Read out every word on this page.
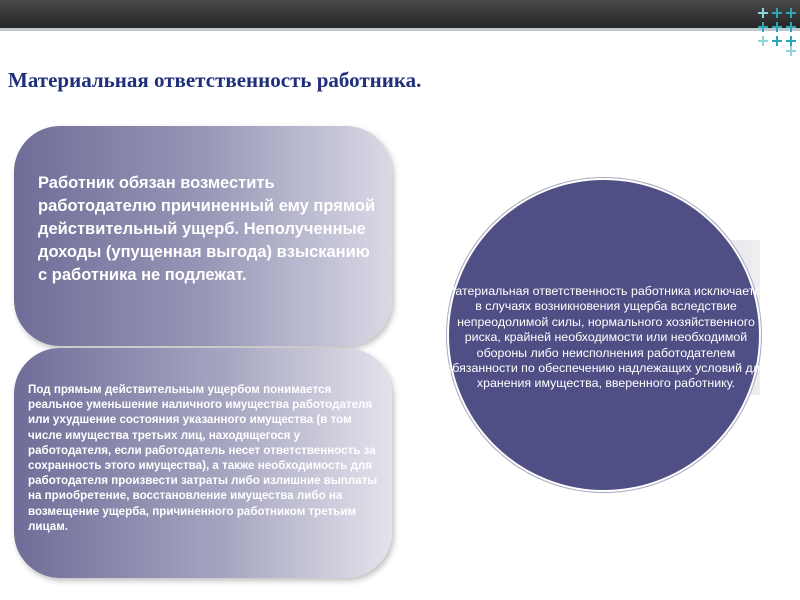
Материальная ответственность работника.

Работник обязан возместить работодателю причиненный ему прямой действительный ущерб. Неполученные доходы (упущенная выгода) взысканию с работника не подлежат.

Под прямым действительным ущербом понимается реальное уменьшение наличного имущества работодателя или ухудшение состояния указанного имущества (в том числе имущества третьих лиц, находящегося у работодателя, если работодатель несет ответственность за сохранность этого имущества), а также необходимость для работодателя произвести затраты либо излишние выплаты на приобретение, восстановление имущества либо на возмещение ущерба, причиненного работником третьим лицам.

Материальная ответственность работника исключается в случаях возникновения ущерба вследствие непреодолимой силы, нормального хозяйственного риска, крайней необходимости или необходимой обороны либо неисполнения работодателем обязанности по обеспечению надлежащих условий для хранения имущества, вверенного работнику.
